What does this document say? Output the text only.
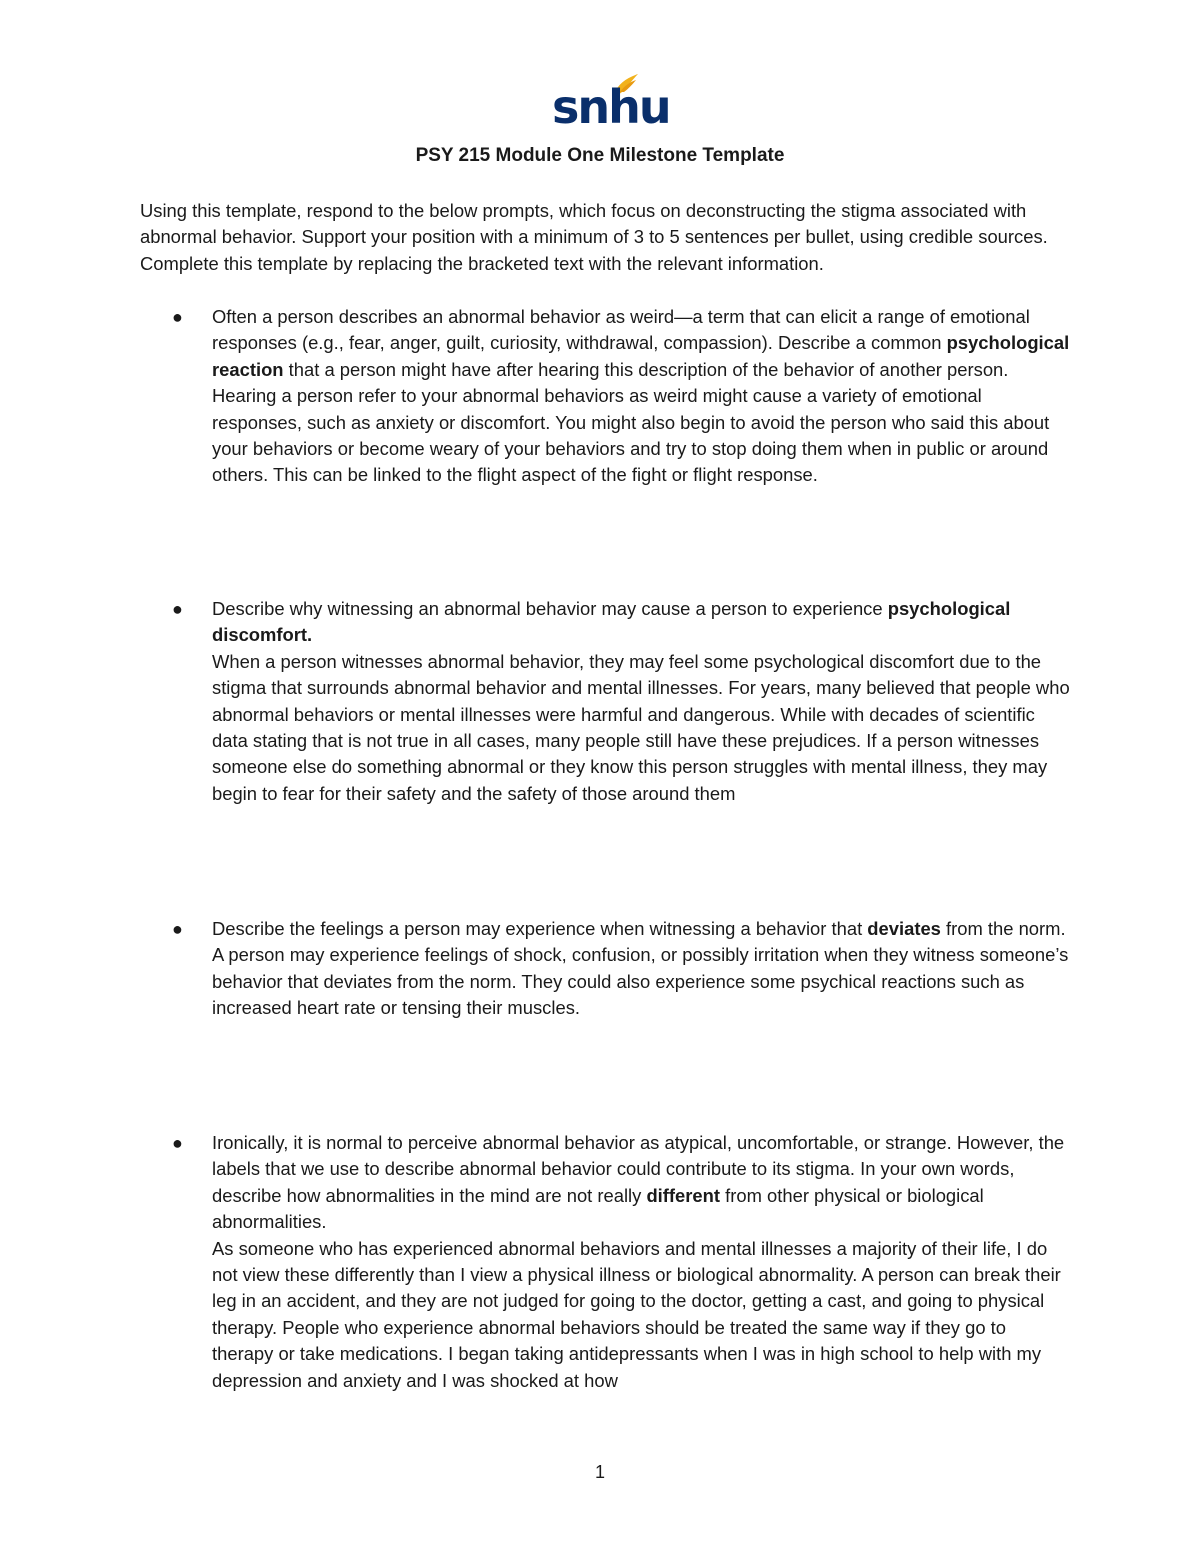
snhu
PSY 215 Module One Milestone Template

Using this template, respond to the below prompts, which focus on deconstructing the stigma associated with abnormal behavior. Support your position with a minimum of 3 to 5 sentences per bullet, using credible sources. Complete this template by replacing the bracketed text with the relevant information.

●	Often a person describes an abnormal behavior as weird—a term that can elicit a range of emotional responses (e.g., fear, anger, guilt, curiosity, withdrawal, compassion). Describe a common psychological reaction that a person might have after hearing this description of the behavior of another person.

Hearing a person refer to your abnormal behaviors as weird might cause a variety of emotional responses, such as anxiety or discomfort. You might also begin to avoid the person who said this about your behaviors or become weary of your behaviors and try to stop doing them when in public or around others. This can be linked to the flight aspect of the fight or flight response.

●	Describe why witnessing an abnormal behavior may cause a person to experience psychological discomfort.

When a person witnesses abnormal behavior, they may feel some psychological discomfort due to the stigma that surrounds abnormal behavior and mental illnesses. For years, many believed that people who abnormal behaviors or mental illnesses were harmful and dangerous. While with decades of scientific data stating that is not true in all cases, many people still have these prejudices. If a person witnesses someone else do something abnormal or they know this person struggles with mental illness, they may begin to fear for their safety and the safety of those around them

●	Describe the feelings a person may experience when witnessing a behavior that deviates from the norm.

A person may experience feelings of shock, confusion, or possibly irritation when they witness someone’s behavior that deviates from the norm. They could also experience some psychical reactions such as increased heart rate or tensing their muscles.

●	Ironically, it is normal to perceive abnormal behavior as atypical, uncomfortable, or strange. However, the labels that we use to describe abnormal behavior could contribute to its stigma. In your own words, describe how abnormalities in the mind are not really different from other physical or biological abnormalities.

As someone who has experienced abnormal behaviors and mental illnesses a majority of their life, I do not view these differently than I view a physical illness or biological abnormality. A person can break their leg in an accident, and they are not judged for going to the doctor, getting a cast, and going to physical therapy. People who experience abnormal behaviors should be treated the same way if they go to therapy or take medications. I began taking antidepressants when I was in high school to help with my depression and anxiety and I was shocked at how

1
